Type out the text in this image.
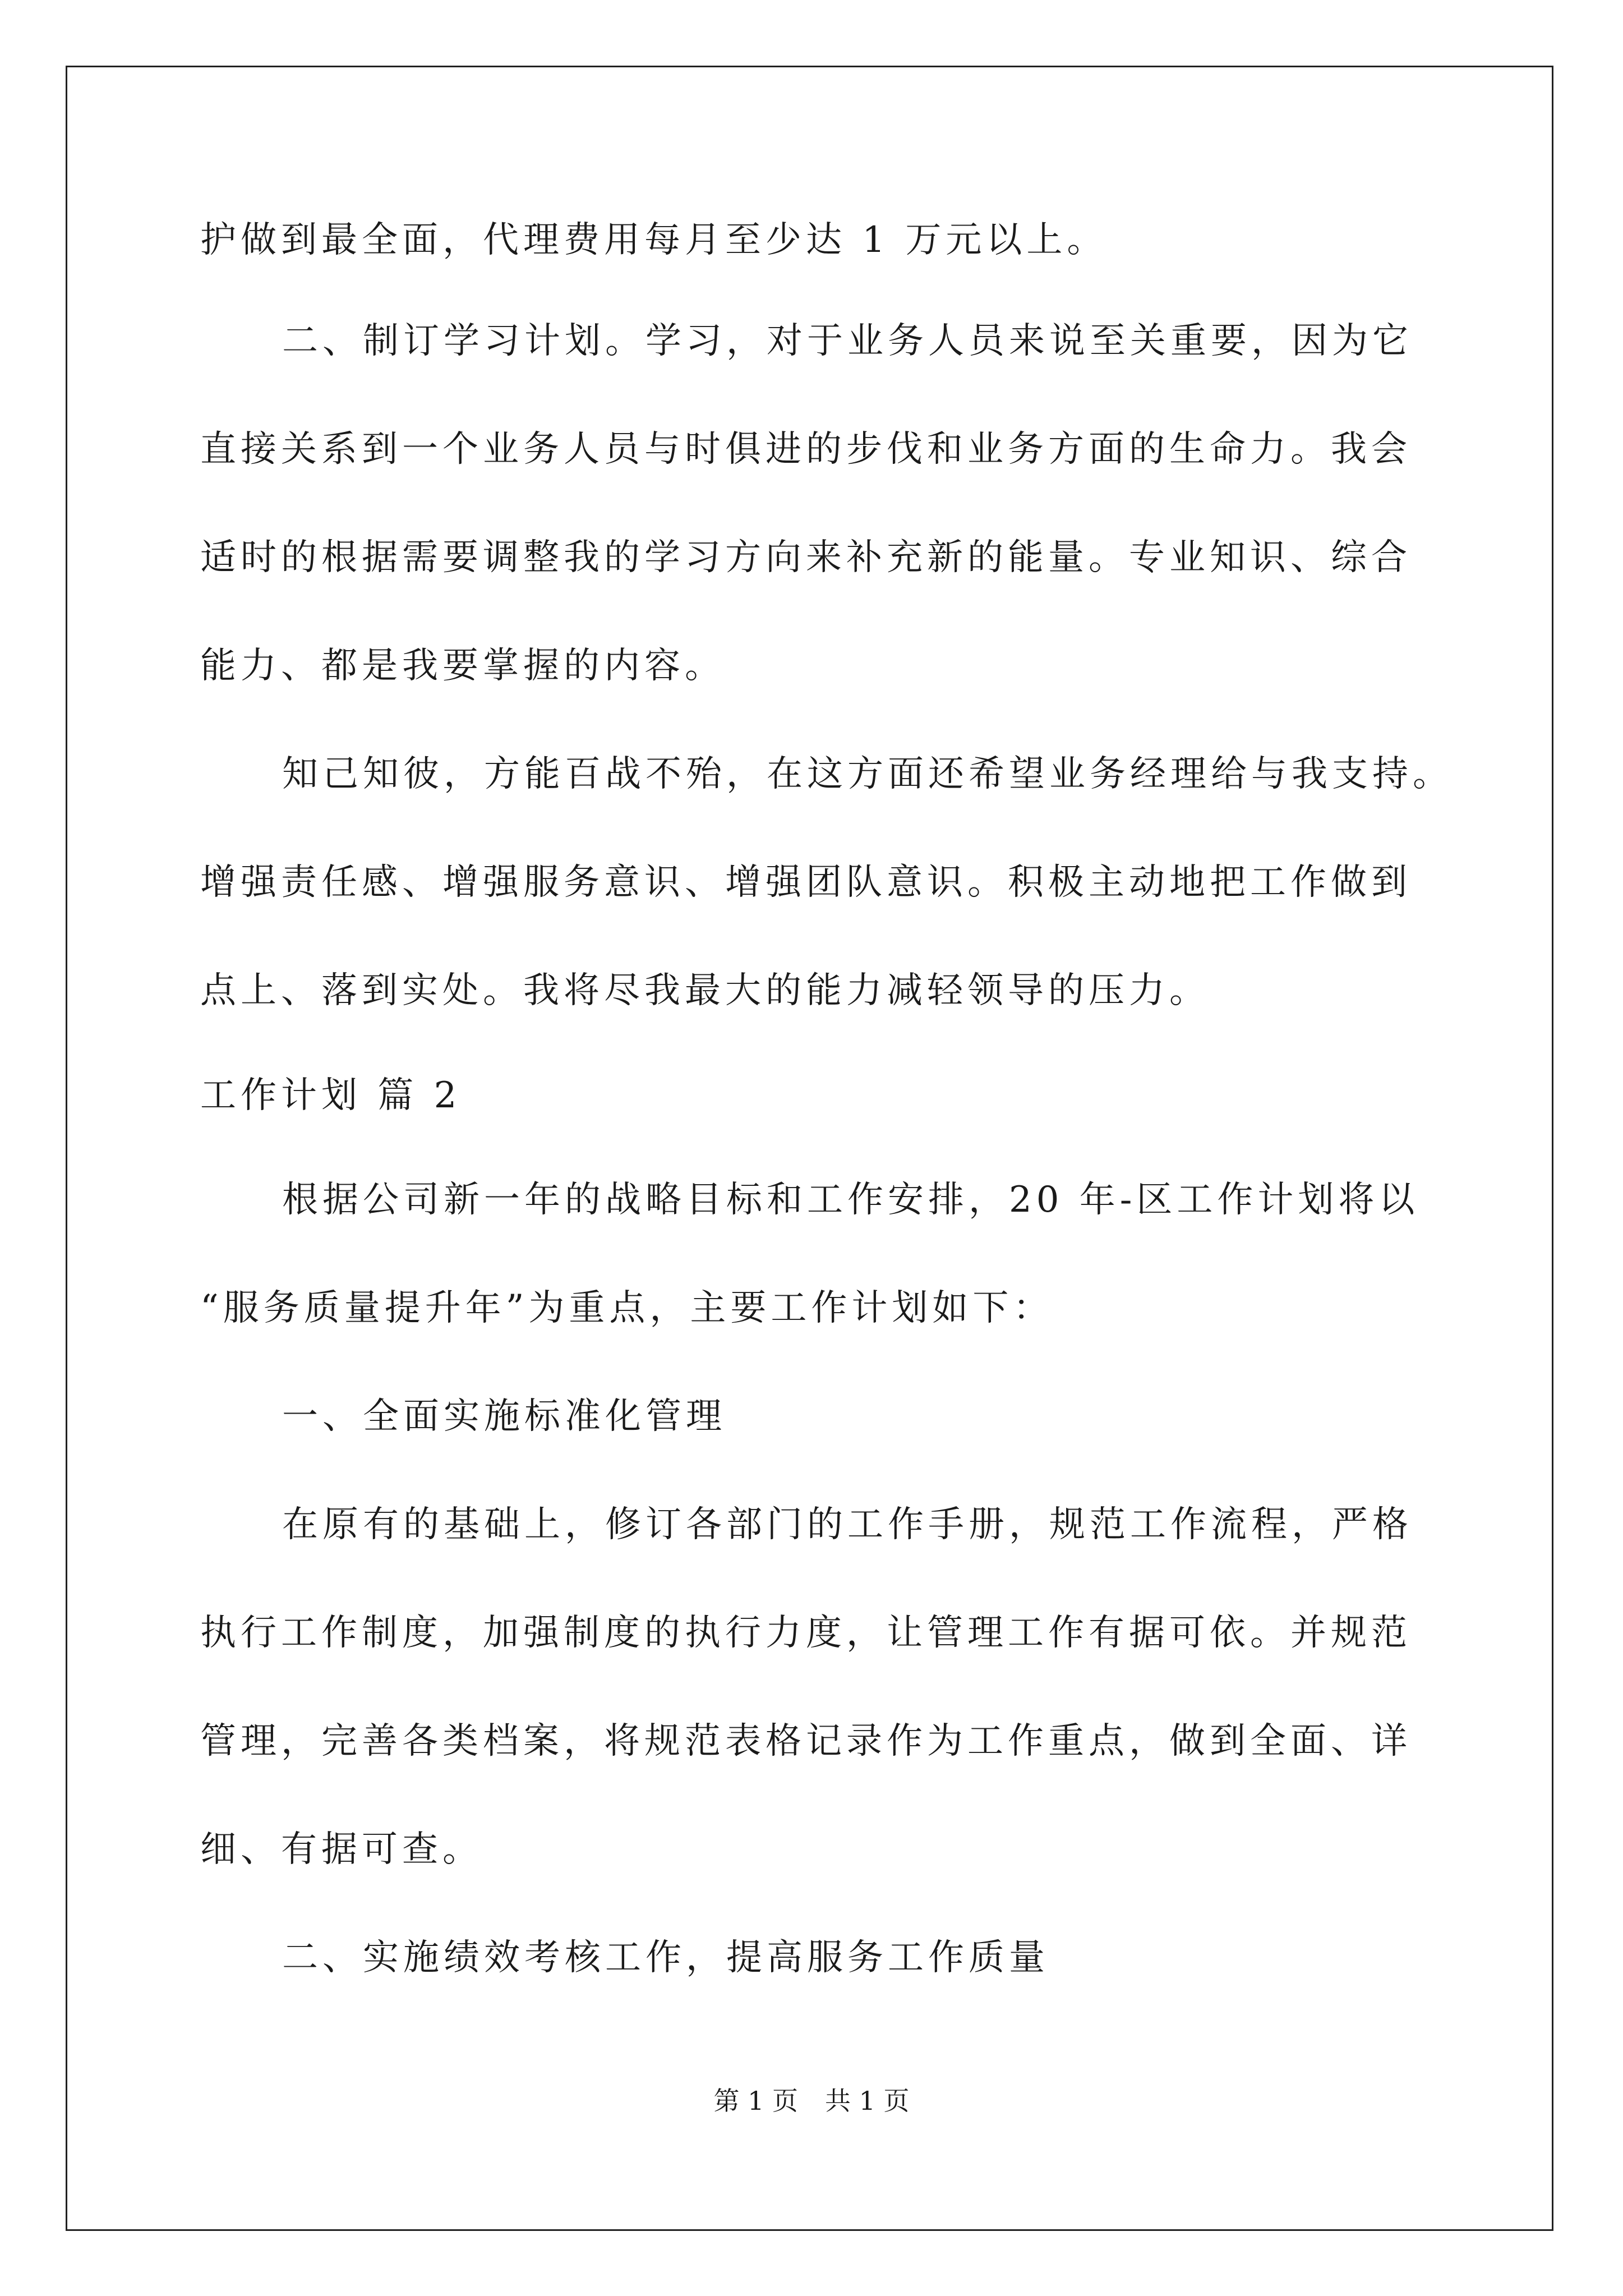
护做到最全面，代理费用每月至少达 1 万元以上。
二、制订学习计划。学习，对于业务人员来说至关重要，因为它
直接关系到一个业务人员与时俱进的步伐和业务方面的生命力。我会
适时的根据需要调整我的学习方向来补充新的能量。专业知识、综合
能力、都是我要掌握的内容。
知己知彼，方能百战不殆，在这方面还希望业务经理给与我支持。
增强责任感、增强服务意识、增强团队意识。积极主动地把工作做到
点上、落到实处。我将尽我最大的能力减轻领导的压力。
工作计划 篇 2
根据公司新一年的战略目标和工作安排，20 年-区工作计划将以
“服务质量提升年”为重点，主要工作计划如下：
一、全面实施标准化管理
在原有的基础上，修订各部门的工作手册，规范工作流程，严格
执行工作制度，加强制度的执行力度，让管理工作有据可依。并规范
管理，完善各类档案，将规范表格记录作为工作重点，做到全面、详
细、有据可查。
二、实施绩效考核工作，提高服务工作质量
第 1 页 共 1 页
